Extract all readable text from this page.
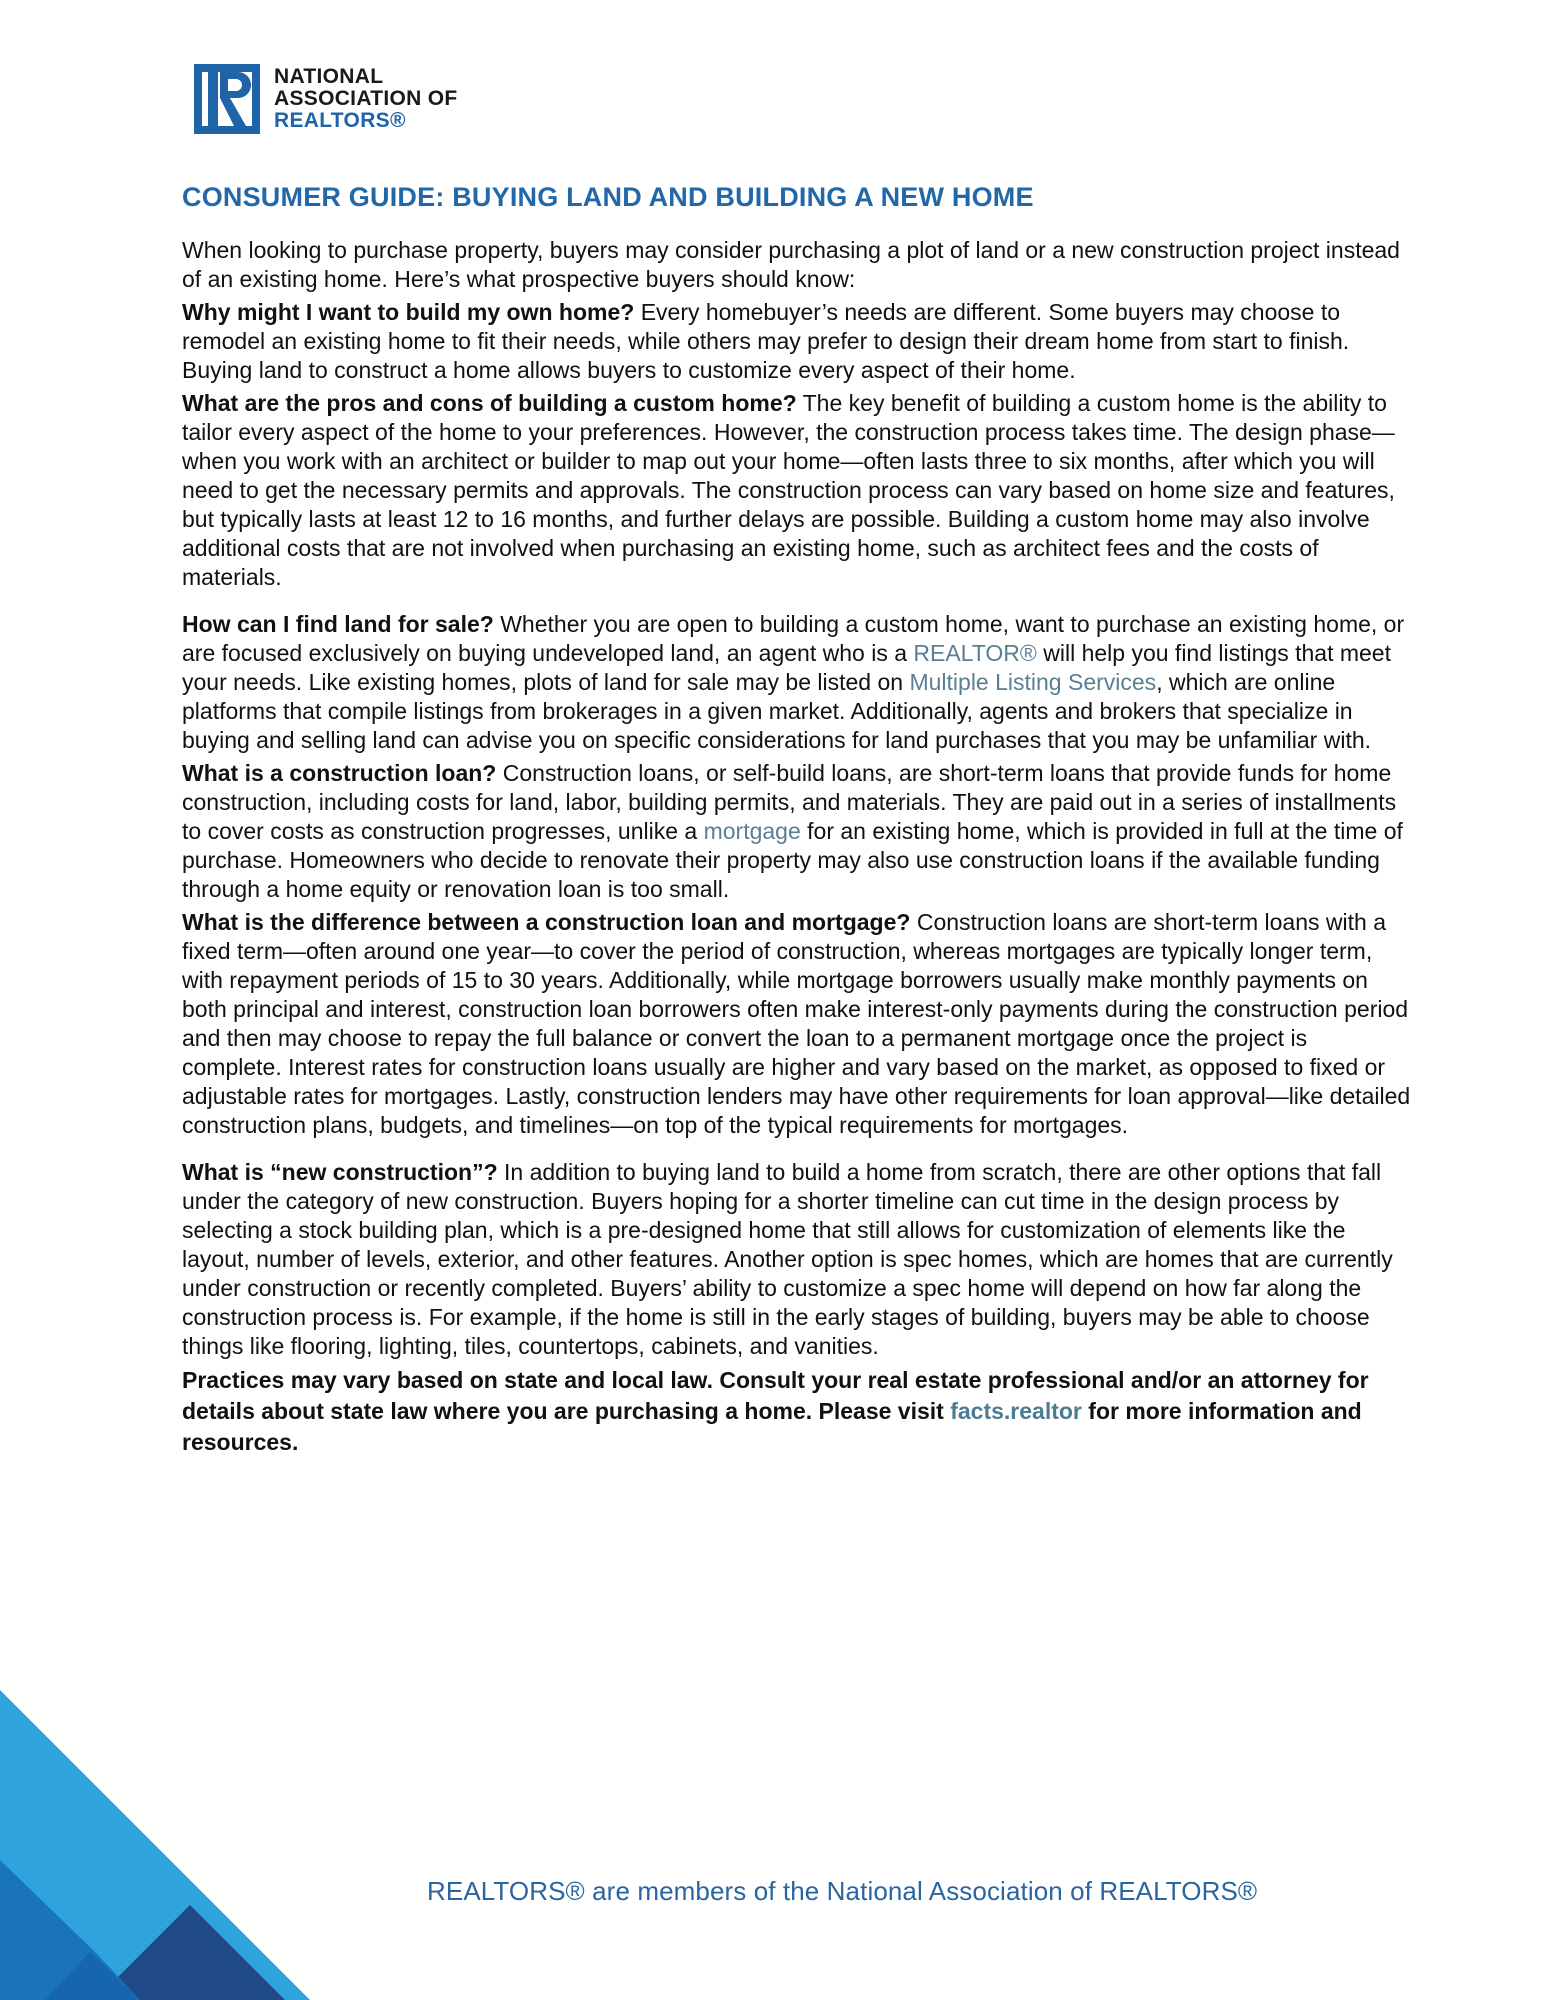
NATIONAL
ASSOCIATION OF
REALTORS®
CONSUMER GUIDE: BUYING LAND AND BUILDING A NEW HOME

When looking to purchase property, buyers may consider purchasing a plot of land or a new construction project instead of an existing home. Here’s what prospective buyers should know:

Why might I want to build my own home? Every homebuyer’s needs are different. Some buyers may choose to remodel an existing home to fit their needs, while others may prefer to design their dream home from start to finish. Buying land to construct a home allows buyers to customize every aspect of their home.

What are the pros and cons of building a custom home? The key benefit of building a custom home is the ability to tailor every aspect of the home to your preferences. However, the construction process takes time. The design phase—when you work with an architect or builder to map out your home—often lasts three to six months, after which you will need to get the necessary permits and approvals. The construction process can vary based on home size and features, but typically lasts at least 12 to 16 months, and further delays are possible. Building a custom home may also involve additional costs that are not involved when purchasing an existing home, such as architect fees and the costs of materials.

How can I find land for sale? Whether you are open to building a custom home, want to purchase an existing home, or are focused exclusively on buying undeveloped land, an agent who is a REALTOR® will help you find listings that meet your needs. Like existing homes, plots of land for sale may be listed on Multiple Listing Services, which are online platforms that compile listings from brokerages in a given market. Additionally, agents and brokers that specialize in buying and selling land can advise you on specific considerations for land purchases that you may be unfamiliar with.

What is a construction loan? Construction loans, or self-build loans, are short-term loans that provide funds for home construction, including costs for land, labor, building permits, and materials. They are paid out in a series of installments to cover costs as construction progresses, unlike a mortgage for an existing home, which is provided in full at the time of purchase. Homeowners who decide to renovate their property may also use construction loans if the available funding through a home equity or renovation loan is too small.

What is the difference between a construction loan and mortgage? Construction loans are short-term loans with a fixed term—often around one year—to cover the period of construction, whereas mortgages are typically longer term, with repayment periods of 15 to 30 years. Additionally, while mortgage borrowers usually make monthly payments on both principal and interest, construction loan borrowers often make interest-only payments during the construction period and then may choose to repay the full balance or convert the loan to a permanent mortgage once the project is complete. Interest rates for construction loans usually are higher and vary based on the market, as opposed to fixed or adjustable rates for mortgages. Lastly, construction lenders may have other requirements for loan approval—like detailed construction plans, budgets, and timelines—on top of the typical requirements for mortgages.

What is “new construction”? In addition to buying land to build a home from scratch, there are other options that fall under the category of new construction. Buyers hoping for a shorter timeline can cut time in the design process by selecting a stock building plan, which is a pre-designed home that still allows for customization of elements like the layout, number of levels, exterior, and other features. Another option is spec homes, which are homes that are currently under construction or recently completed. Buyers’ ability to customize a spec home will depend on how far along the construction process is. For example, if the home is still in the early stages of building, buyers may be able to choose things like flooring, lighting, tiles, countertops, cabinets, and vanities.

Practices may vary based on state and local law. Consult your real estate professional and/or an attorney for details about state law where you are purchasing a home. Please visit facts.realtor for more information and resources.

REALTORS® are members of the National Association of REALTORS®
